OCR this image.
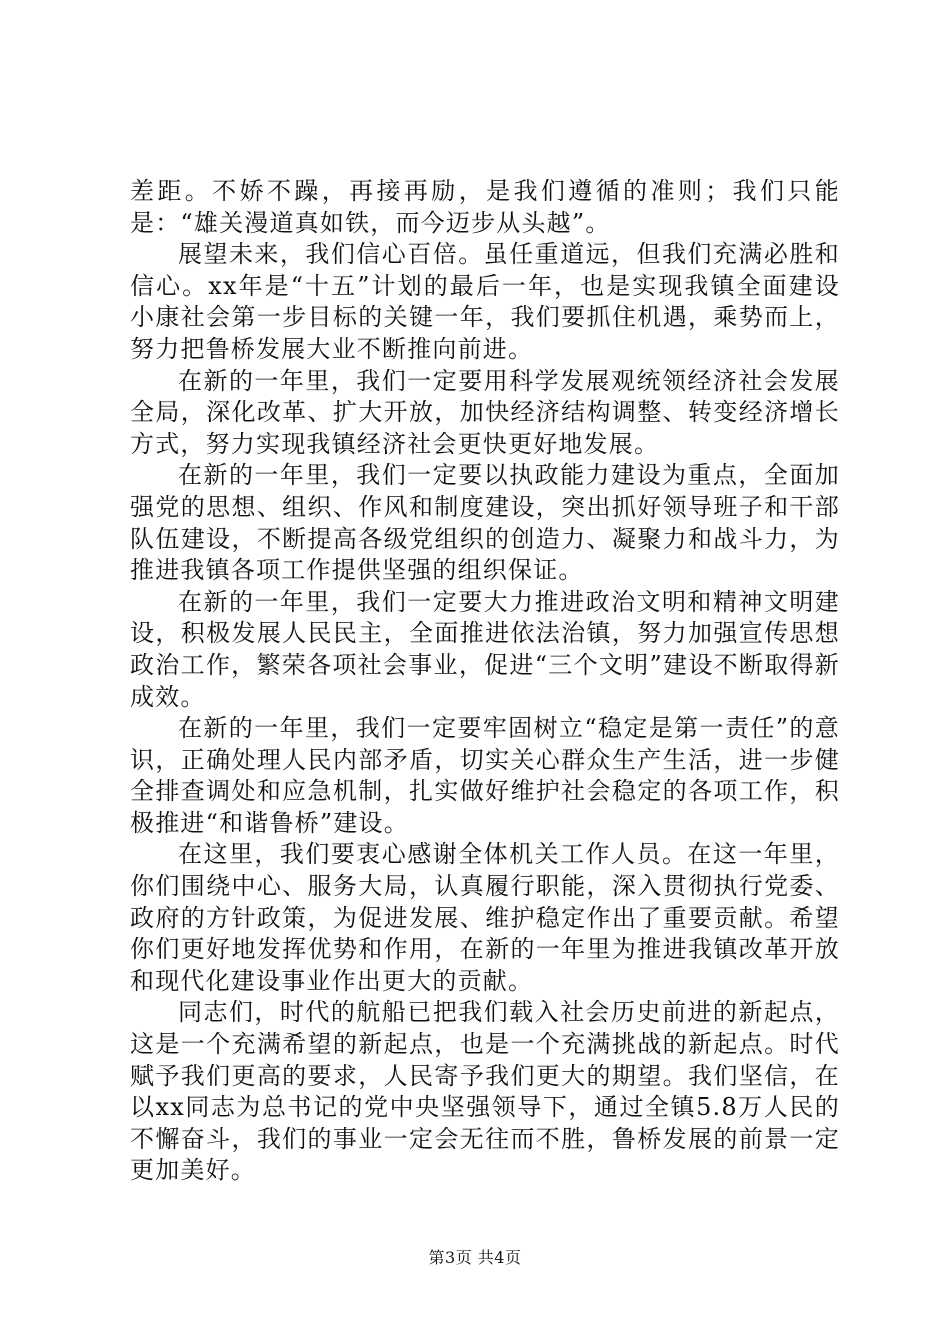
差距。不娇不躁，再接再励，是我们遵循的准则；我们只能是：“雄关漫道真如铁，而今迈步从头越”。

展望未来，我们信心百倍。虽任重道远，但我们充满必胜和信心。xx年是“十五”计划的最后一年，也是实现我镇全面建设小康社会第一步目标的关键一年，我们要抓住机遇，乘势而上，努力把鲁桥发展大业不断推向前进。

在新的一年里，我们一定要用科学发展观统领经济社会发展全局，深化改革、扩大开放，加快经济结构调整、转变经济增长方式，努力实现我镇经济社会更快更好地发展。

在新的一年里，我们一定要以执政能力建设为重点，全面加强党的思想、组织、作风和制度建设，突出抓好领导班子和干部队伍建设，不断提高各级党组织的创造力、凝聚力和战斗力，为推进我镇各项工作提供坚强的组织保证。

在新的一年里，我们一定要大力推进政治文明和精神文明建设，积极发展人民民主，全面推进依法治镇，努力加强宣传思想政治工作，繁荣各项社会事业，促进“三个文明”建设不断取得新成效。

在新的一年里，我们一定要牢固树立“稳定是第一责任”的意识，正确处理人民内部矛盾，切实关心群众生产生活，进一步健全排查调处和应急机制，扎实做好维护社会稳定的各项工作，积极推进“和谐鲁桥”建设。

在这里，我们要衷心感谢全体机关工作人员。在这一年里，你们围绕中心、服务大局，认真履行职能，深入贯彻执行党委、政府的方针政策，为促进发展、维护稳定作出了重要贡献。希望你们更好地发挥优势和作用，在新的一年里为推进我镇改革开放和现代化建设事业作出更大的贡献。

同志们，时代的航船已把我们载入社会历史前进的新起点，这是一个充满希望的新起点，也是一个充满挑战的新起点。时代赋予我们更高的要求，人民寄予我们更大的期望。我们坚信，在以xx同志为总书记的党中央坚强领导下，通过全镇5.8万人民的不懈奋斗，我们的事业一定会无往而不胜，鲁桥发展的前景一定更加美好。

第3页 共4页
